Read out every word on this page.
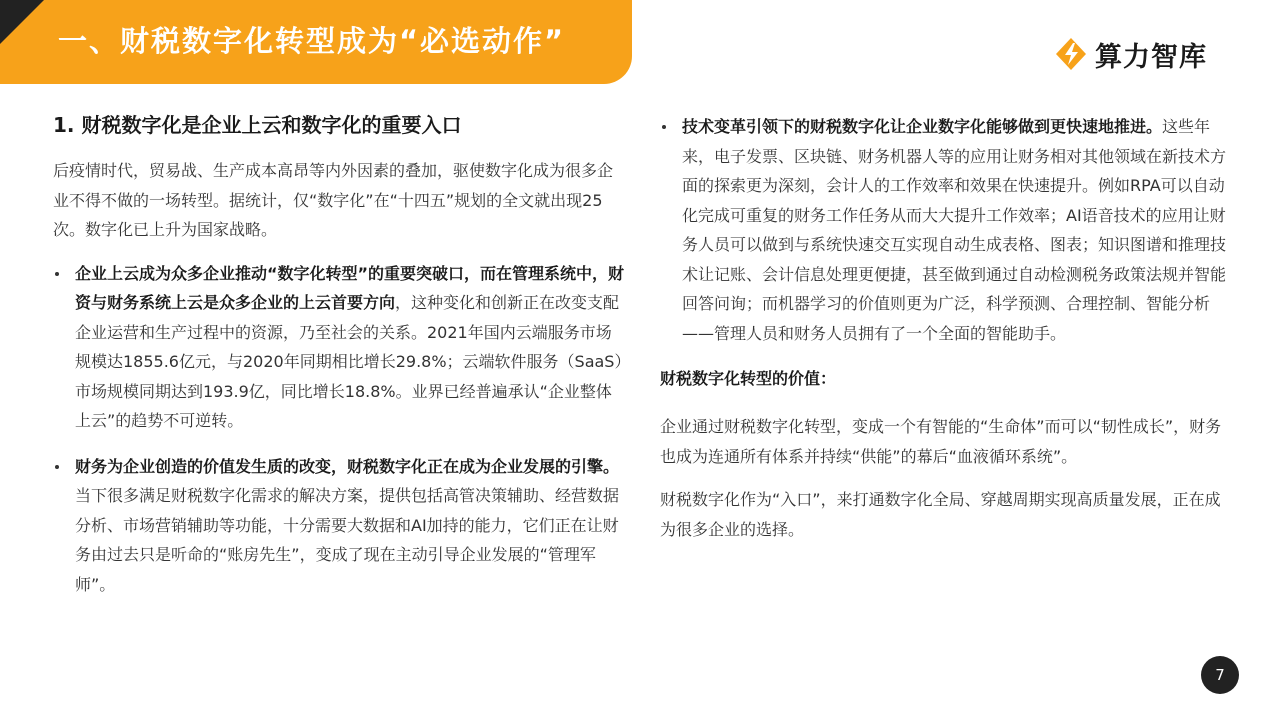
一、财税数字化转型成为“必选动作”	算力智库
1. 财税数字化是企业上云和数字化的重要入口

后疫情时代，贸易战、生产成本高昂等内外因素的叠加，驱使数字化成为很多企业不得不做的一场转型。据统计，仅“数字化”在“十四五”规划的全文就出现25次。数字化已上升为国家战略。

企业上云成为众多企业推动“数字化转型”的重要突破口，而在管理系统中，财资与财务系统上云是众多企业的上云首要方向，这种变化和创新正在改变支配企业运营和生产过程中的资源，乃至社会的关系。2021年国内云端服务市场规模达1855.6亿元，与2020年同期相比增长29.8%；云端软件服务（SaaS）市场规模同期达到193.9亿，同比增长18.8%。业界已经普遍承认“企业整体上云”的趋势不可逆转。

财务为企业创造的价值发生质的改变，财税数字化正在成为企业发展的引擎。当下很多满足财税数字化需求的解决方案，提供包括高管决策辅助、经营数据分析、市场营销辅助等功能，十分需要大数据和AI加持的能力，它们正在让财务由过去只是听命的“账房先生”，变成了现在主动引导企业发展的“管理军师”。

技术变革引领下的财税数字化让企业数字化能够做到更快速地推进。这些年来，电子发票、区块链、财务机器人等的应用让财务相对其他领域在新技术方面的探索更为深刻，会计人的工作效率和效果在快速提升。例如RPA可以自动化完成可重复的财务工作任务从而大大提升工作效率；AI语音技术的应用让财务人员可以做到与系统快速交互实现自动生成表格、图表；知识图谱和推理技术让记账、会计信息处理更便捷，甚至做到通过自动检测税务政策法规并智能回答问询；而机器学习的价值则更为广泛，科学预测、合理控制、智能分析——管理人员和财务人员拥有了一个全面的智能助手。

财税数字化转型的价值：

企业通过财税数字化转型，变成一个有智能的“生命体”而可以“韧性成长”，财务也成为连通所有体系并持续“供能”的幕后“血液循环系统”。

财税数字化作为“入口”，来打通数字化全局、穿越周期实现高质量发展，正在成为很多企业的选择。

7
